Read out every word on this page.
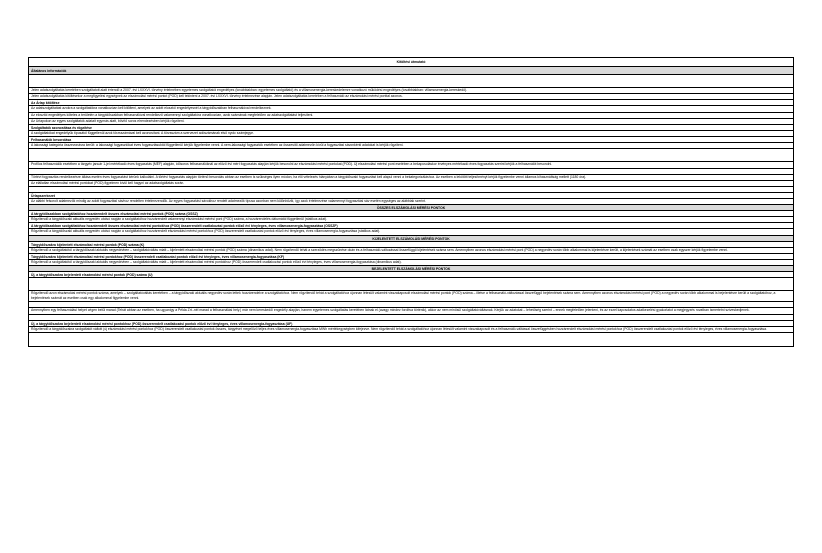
Kitöltési útmutató
Általános információk
Jelen adatszolgáltatás keretében szolgáltatott alatt értendő a 2007. évi LXXXVI. törvény értelmében egyetemes szolgáltatói engedélyes (továbbiakban: egyetemes szolgáltató) és a villamosenergia-kereskedelemre vonatkozó működési engedélyes (továbbiakban: villamosenergia-kereskedő).
Jelen adatszolgáltatás kitöltésekor a megfigyelési egységnek az elszámolási mérési pontot (POD) kell tekinteni a 2007. évi LXXXVI. törvény értelmezése alapján. Jelen adatszolgáltatás keretében a felhasználó az elszámolási mérési ponttal azonos.
Az Árlap kitöltése
Az adatszolgáltatást azokra a szolgáltatókra vonatkozóan kell kitölteni, amelyek az adott elosztói engedélyesnél a tárgyidőszakban felhasználóval rendelkeznek.
Az elosztói engedélyes köteles a területén a tárgyidőszakban felhasználóval rendelkező valamennyi szolgáltatóra vonatkozóan, azok számának megfelelően az adatszolgáltatást teljesíteni.
Az Űrlapokon az egyes szolgáltatók adatait egymás alatt, bővítő soros elrendezésben kérjük rögzíteni.
Szolgáltatók azonosítása és rögzítése
A szolgáltatókat engedélyük típusától függetlenül azok törzsszámával kell azonosítani. A törzsszám a szervezet adószámának első nyolc számjegye.
Felhasználók besorolása
A lakossági kategória összevonásra került: a lakossági fogyasztókat éves fogyasztásuktól függetlenül kérjük figyelembe venni. A nem-lakossági fogyasztók esetében az összesítő adatmezőn kívül a fogyasztási sávonkénti adatokat is kérjük rögzíteni.
Profilos felhasználók esetében a tárgyév január 1-jei mértékadó éves fogyasztás (MÉF) alapján, idősoros felhasználóknál az előző évi mért fogyasztás alapján kérjük besorolni az elszámolási mérési pontokat (POD). Új elszámolási mérési pont esetében a bekapcsoláskor érvényes mértékadó éves fogyasztás szerint kérjük a felhasználót besorolni.
Törtévi fogyasztás rendelkezésre állása esetén éves fogyasztást kérünk kalkulálni. A törtévi fogyasztás alapján történő besorolás abban az esetben is szükséges ilyen módon, ha élő vételezés hiányában a tárgyidőszaki fogyasztást kell alapul venni a bekategorizáláshoz. Az esetben a lekötött teljesítményt kérjük figyelembe venni államos kihasználtság mellett (1180 óra).
Az elállatlan elszámolási mérési pontokat (POD) figyelmen kívül kell hagyni az adatszolgáltatás során.
Űrlapszerkezet
Az alábbi felsorolt adatmezők mindig az adott fogyasztási sávhoz rendelten értelmezendők. Az egyes fogyasztási sávokhoz rendelt adatmezők típusa azonban nem különbözik, így azok értelmezése valamennyi fogyasztási sáv esetén egységes az alábbiak szerint.
ÖSSZES ELSZÁMOLÁSI MÉRÉSI PONTOK
A tárgyidőszakban szolgáltatóhoz hozzárendelt összes elszámolási mérési pontok (POD) száma (OSSZ)
Rögzítendő a tárgyidőszaki aktuális negyedév utolsó napján a szolgáltatóhoz hozzárendelt valamennyi elszámolási mérési pont (POD) száma, a hozzárendelés dátumától függetlenül (statikus adat).
A tárgyidőszakban szolgáltatóhoz hozzárendelt összes elszámolási mérési pontokhoz (POD) összerendelt csatlakozási pontok előző évi tényleges, éves villamosenergia-fogyasztása (OSSZF)
Rögzítendő a tárgyidőszaki aktuális negyedév utolsó napján a szolgáltatóhoz hozzárendelt elszámolási mérési pontokhoz (POD) összerendelt csatlakozási pontok előző évi tényleges, éves villamosenergia-fogyasztása (statikus adat).
KIJELENTETT ELSZÁMOLÁSI MÉRÉSI PONTOK
Tárgyidőszakra kijelentett elszámolási mérési pontok (POD) száma (K)
Rögzítendő a szolgáltatótól a tárgyidőszaki aktuális negyedévben – szolgáltatóváltás miatt – kijelentett elszámolási mérési pontok (POD) száma (dinamikus adat). Nem rögzítendő tehát a szerződés megszűnése okán és a felhasználó-változással összefüggő kijelentések száma sem. Amennyiben azonos elszámolási mérési pont (POD) a negyedév során több alkalommal is kijelentésre került, a kijelentések számát az esetben csak egyszer kérjük figyelembe venni.
Tárgyidőszakra kijelentett elszámolási mérési pontokhoz (POD) összerendelt csatlakozási pontok előző évi tényleges, éves villamosenergia-fogyasztása (KF)
Rögzítendő a szolgáltatótól a tárgyidőszaki aktuális negyedévben – szolgáltatóváltás miatt – kijelentett elszámolási mérési pontokhoz (POD) összerendelt csatlakozási pontok előző évi tényleges, éves villamosenergia-fogyasztása (dinamikus adat).
BEJELENTETT ELSZÁMOLÁSI MÉRÉSI PONTOK
Új, a tárgyidőszakra bejelentett elszámolási mérési pontok (POD) száma (U)
Rögzítendő azon elszámolási mérési pontok száma, amelyek – szolgáltatóváltás keretében – a tárgyidőszaki aktuális negyedév során lettek hozzárendelve a szolgáltatóhoz. Nem rögzítendő tehát a szolgáltatóhoz újonnan létesült valamint visszakapcsolt elszámolási mérési pontok (POD) száma – illetve a felhasználó-változással összefüggő bejelentések száma sem. Amennyiben azonos elszámolási mérési pont (POD) a negyedév során több alkalommal is bejelentésre került a szolgáltatóhoz, a bejelentések számát az esetben csak egy alkalommal figyelembe venni.
Amennyiben egy felhasználási helyet cégen belül marad (Tehát abban az esetben, ha ugyanígy a Példa Zrt.-nél marad a felhasználási hely.) már nem kereskedői engedély alapján, hanem egyetemes szolgáltatás keretében látnak el (avagy mindez fordítva történik), akkor az nem minősül szolgáltatóváltásnak. Kérjük az adatokat – lehetőség szerint – ennek megfelelően jelenteni, és az ezzel kapcsolatos adatkezelési gyakorlatot a megjegyzés rovatban ismertetni szíveskedjenek.
Új, a tárgyidőszakra bejelentett elszámolási mérési pontokhoz (POD) összerendelt csatlakozási pontok előző évi tényleges, éves villamosenergia-fogyasztása (UF)
Rögzítendő a tárgyidőszakra szolgáltatót váltott (új elszámolási mérési pontokhoz (POD) összerendelt csatlakozási pontok összes, tárgyévet megelőző teljes éves villamosenergia-fogyasztása MWh mértékegységben kifejezve. Nem rögzítendő tehát a szolgáltatóhoz újonnan létesült valamint visszakapcsolt és a felhasználó-váltással összefüggésben hozzárendelt elszámolási mérési pontokhoz (POD) összerendelt csatlakozási pontok előző évi tényleges, éves villamosenergia-fogyasztása.
